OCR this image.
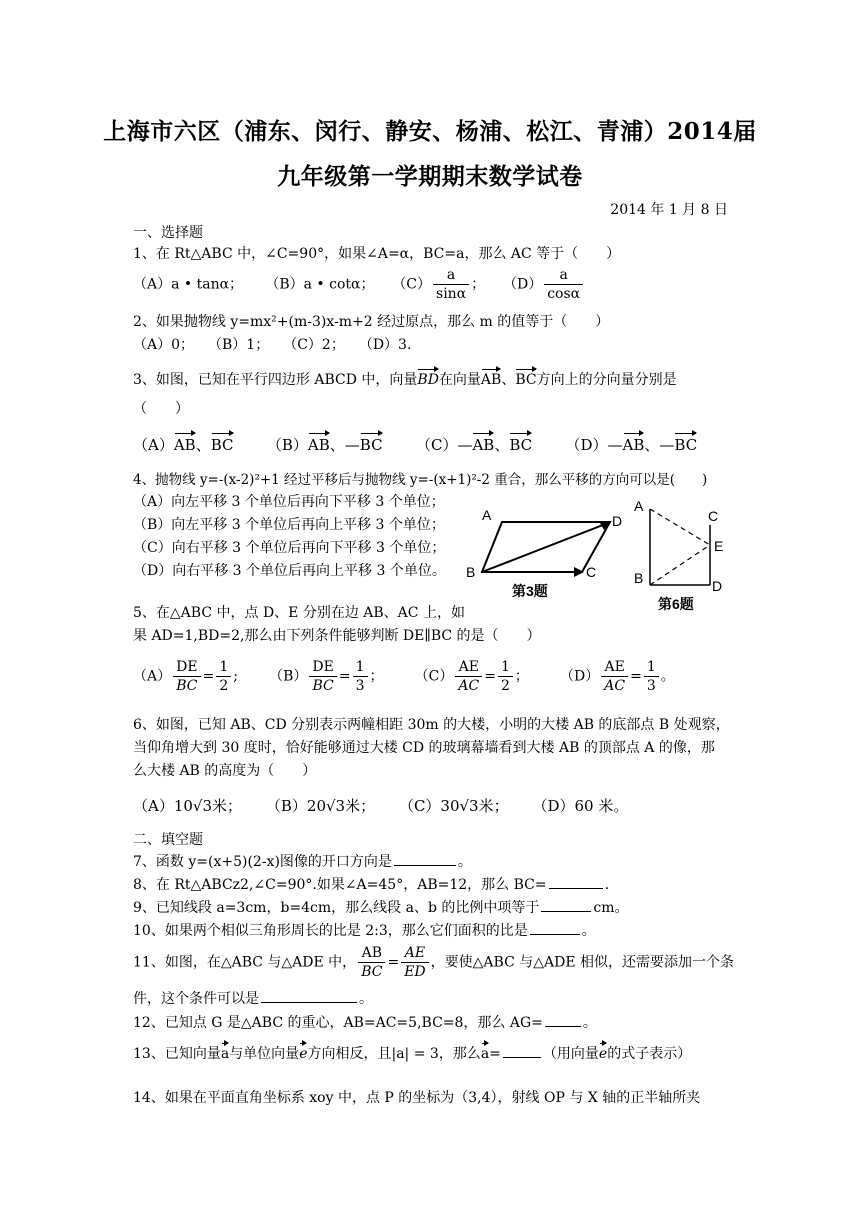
上海市六区（浦东、闵行、静安、杨浦、松江、青浦）2014届
九年级第一学期期末数学试卷
2014 年 1 月 8 日
一、选择题
1、在 Rt△ABC 中，∠C=90°，如果∠A=α，BC=a，那么 AC 等于（　　）
（A）a • tanα； （B）a • cotα； $(C) \frac{a}{\sin\alpha}$ ； $(D) \frac{a}{\cos\alpha}$
2、如果抛物线 y=mx²+(m-3)x-m+2 经过原点，那么 m 的值等于（　　）
（A）0；　　（B）1；　　（C）2；　　（D）3.
3、如图，已知在平行四边形 ABCD 中，向量BD在向量AB、BC方向上的分向量分别是
（　　）
（A）AB、BC （B）AB、—BC （C）—AB、BC （D）—AB、—BC
4、抛物线 y=-(x-2)²+1 经过平移后与抛物线 y=-(x+1)²-2 重合，那么平移的方向可以是(　　)
（A）向左平移 3 个单位后再向下平移 3 个单位；
（B）向左平移 3 个单位后再向上平移 3 个单位；
（C）向右平移 3 个单位后再向下平移 3 个单位；
（D）向右平移 3 个单位后再向上平移 3 个单位。
A	D
B	C
第3题
A
C
E
B	D
第6题
5、在△ABC 中，点 D、E 分别在边 AB、AC 上，如
果 AD=1,BD=2,那么由下列条件能够判断 DE∥BC 的是（　　）
$(A) \frac{DE}{BC} = \frac{1}{2}$ ; $(B) \frac{DE}{BC} = \frac{1}{3}$ ； $(C) \frac{AE}{AC} = \frac{1}{2}$ ； $(D) \frac{AE}{AC} = \frac{1}{3}$ 。
6、如图，已知 AB、CD 分别表示两幢相距 30m 的大楼，小明的大楼 AB 的底部点 B 处观察，
当仰角增大到 30 度时，恰好能够通过大楼 CD 的玻璃幕墙看到大楼 AB 的顶部点 A 的像，那
么大楼 AB 的高度为（　　）
（A）10√3米； （B）20√3米； （C）30√3米； （D）60 米。
二、填空题
7、函数 y=(x+5)(2-x)图像的开口方向是	。
8、在 Rt△ABCz2,∠C=90°.如果∠A=45°，AB=12，那么 BC=	.
9、已知线段 a=3cm，b=4cm，那么线段 a、b 的比例中项等于	cm。
10、如果两个相似三角形周长的比是 2:3，那么它们面积的比是	。
11、如图，在△ABC 与△ADE 中， $\frac{AB}{BC} = \frac{AE}{ED}$ ，要使△ABC 与△ADE 相似，还需要添加一个条
件，这个条件可以是	。
12、已知点 G 是△ABC 的重心，AB=AC=5,BC=8，那么 AG=	。
13、已知向量a与单位向量e方向相反，且|a| = 3，那么a=	（用向量e的式子表示）
14、如果在平面直角坐标系 xoy 中，点 P 的坐标为（3,4），射线 OP 与 X 轴的正半轴所夹
